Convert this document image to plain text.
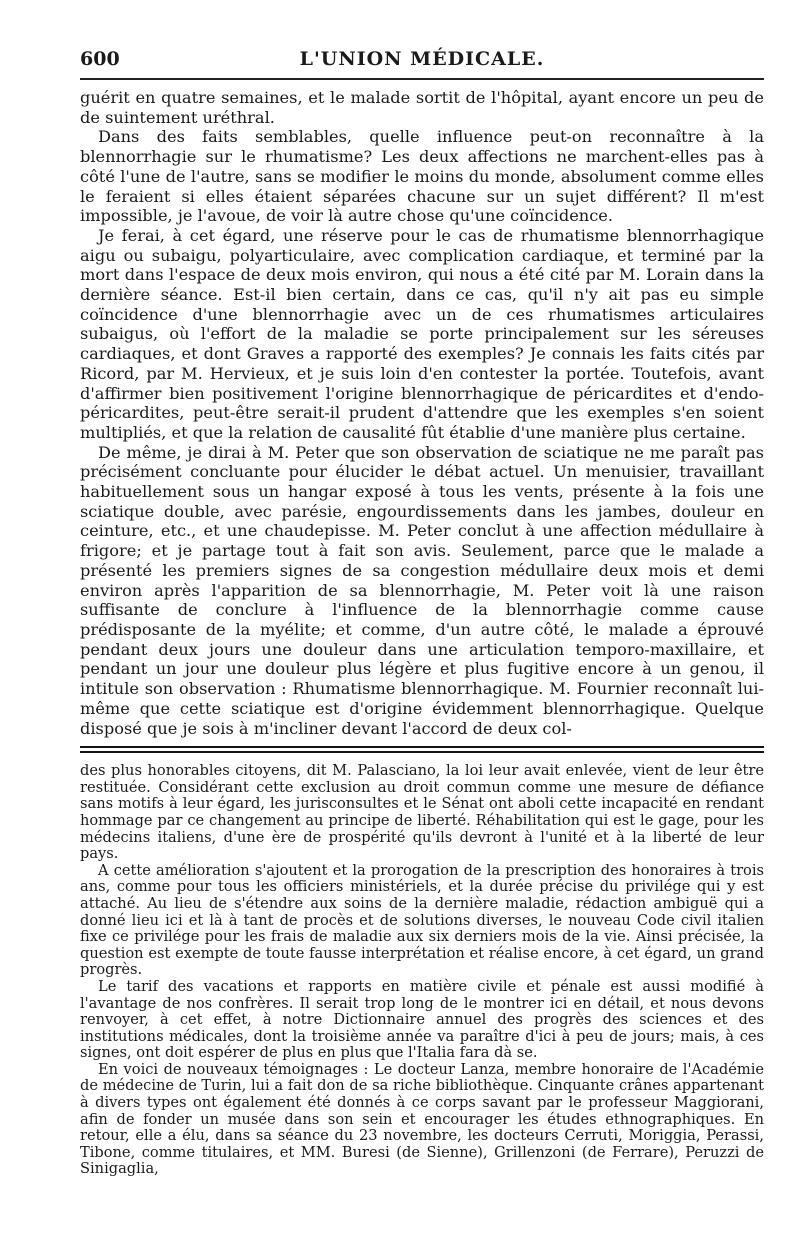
600	L'UNION MÉDICALE.

guérit en quatre semaines, et le malade sortit de l'hôpital, ayant encore un peu de de suintement uréthral.

Dans des faits semblables, quelle influence peut-on reconnaître à la blennorrhagie sur le rhumatisme? Les deux affections ne marchent-elles pas à côté l'une de l'autre, sans se modifier le moins du monde, absolument comme elles le feraient si elles étaient séparées chacune sur un sujet différent? Il m'est impossible, je l'avoue, de voir là autre chose qu'une coïncidence.

Je ferai, à cet égard, une réserve pour le cas de rhumatisme blennorrhagique aigu ou subaigu, polyarticulaire, avec complication cardiaque, et terminé par la mort dans l'espace de deux mois environ, qui nous a été cité par M. Lorain dans la dernière séance. Est-il bien certain, dans ce cas, qu'il n'y ait pas eu simple coïncidence d'une blennorrhagie avec un de ces rhumatismes articulaires subaigus, où l'effort de la maladie se porte principalement sur les séreuses cardiaques, et dont Graves a rapporté des exemples? Je connais les faits cités par Ricord, par M. Hervieux, et je suis loin d'en contester la portée. Toutefois, avant d'affirmer bien positivement l'origine blennorrhagique de péricardites et d'endo-péricardites, peut-être serait-il prudent d'attendre que les exemples s'en soient multipliés, et que la relation de causalité fût établie d'une manière plus certaine.

De même, je dirai à M. Peter que son observation de sciatique ne me paraît pas précisément concluante pour élucider le débat actuel. Un menuisier, travaillant habituellement sous un hangar exposé à tous les vents, présente à la fois une sciatique double, avec parésie, engourdissements dans les jambes, douleur en ceinture, etc., et une chaudepisse. M. Peter conclut à une affection médullaire à frigore; et je partage tout à fait son avis. Seulement, parce que le malade a présenté les premiers signes de sa congestion médullaire deux mois et demi environ après l'apparition de sa blennorrhagie, M. Peter voit là une raison suffisante de conclure à l'influence de la blennorrhagie comme cause prédisposante de la myélite; et comme, d'un autre côté, le malade a éprouvé pendant deux jours une douleur dans une articulation temporo-maxillaire, et pendant un jour une douleur plus légère et plus fugitive encore à un genou, il intitule son observation : Rhumatisme blennorrhagique. M. Fournier reconnaît lui-même que cette sciatique est d'origine évidemment blennorrhagique. Quelque disposé que je sois à m'incliner devant l'accord de deux col-

des plus honorables citoyens, dit M. Palasciano, la loi leur avait enlevée, vient de leur être restituée. Considérant cette exclusion au droit commun comme une mesure de défiance sans motifs à leur égard, les jurisconsultes et le Sénat ont aboli cette incapacité en rendant hommage par ce changement au principe de liberté. Réhabilitation qui est le gage, pour les médecins italiens, d'une ère de prospérité qu'ils devront à l'unité et à la liberté de leur pays.

A cette amélioration s'ajoutent et la prorogation de la prescription des honoraires à trois ans, comme pour tous les officiers ministériels, et la durée précise du privilége qui y est attaché. Au lieu de s'étendre aux soins de la dernière maladie, rédaction ambiguë qui a donné lieu ici et là à tant de procès et de solutions diverses, le nouveau Code civil italien fixe ce privilége pour les frais de maladie aux six derniers mois de la vie. Ainsi précisée, la question est exempte de toute fausse interprétation et réalise encore, à cet égard, un grand progrès.

Le tarif des vacations et rapports en matière civile et pénale est aussi modifié à l'avantage de nos confrères. Il serait trop long de le montrer ici en détail, et nous devons renvoyer, à cet effet, à notre Dictionnaire annuel des progrès des sciences et des institutions médicales, dont la troisième année va paraître d'ici à peu de jours; mais, à ces signes, ont doit espérer de plus en plus que l'Italia fara dà se.

En voici de nouveaux témoignages : Le docteur Lanza, membre honoraire de l'Académie de médecine de Turin, lui a fait don de sa riche bibliothèque. Cinquante crânes appartenant à divers types ont également été donnés à ce corps savant par le professeur Maggiorani, afin de fonder un musée dans son sein et encourager les études ethnographiques. En retour, elle a élu, dans sa séance du 23 novembre, les docteurs Cerruti, Moriggia, Perassi, Tibone, comme titulaires, et MM. Buresi (de Sienne), Grillenzoni (de Ferrare), Peruzzi de Sinigaglia,
